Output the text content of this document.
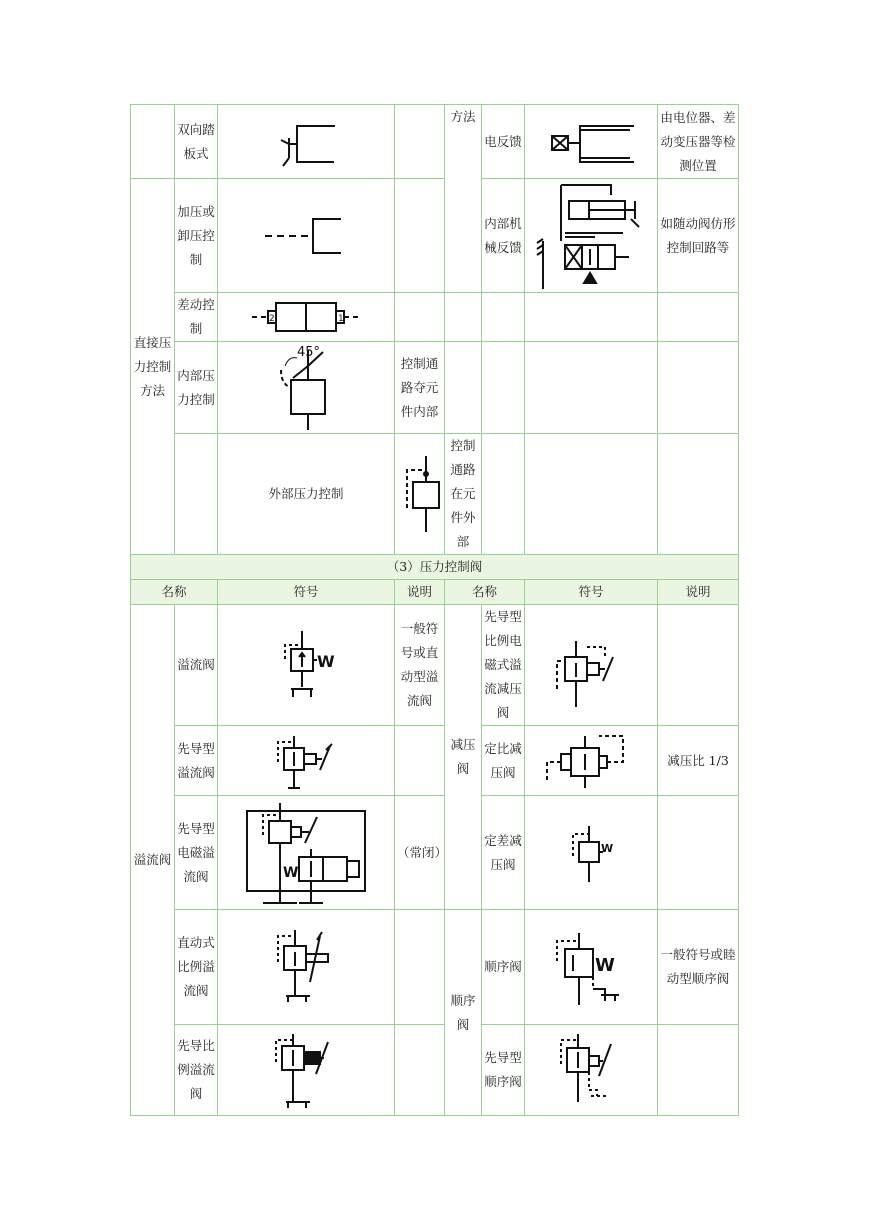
	双向踏板式			方法	电反馈		由电位器、差动变压器等检测位置	
直接压力控制方法	加压或卸压控制				内部机械反馈		如随动阀仿形控制回路等	
	差动控制	2 1						

	内部压力控制	45°	控制通路夺元件内部					
		外部压力控制		控制通路在元件外部				
（3）压力控制阀								
名称		符号	说明	名称		符号	说明	
溢流阀	溢流阀	W	一般符号或直动型溢流阀	减压阀	先导型比例电磁式溢流减压阀	

	先导型溢流阀				定比减压阀		减压比 1/3	
	先导型电磁溢流阀	W	（常闭）		定差减压阀	W		

	直动式比例溢流阀			顺序阀	顺序阀	W	一般符号或睦动型顺序阀	
	先导比例溢流阀				先导型顺序阀	
